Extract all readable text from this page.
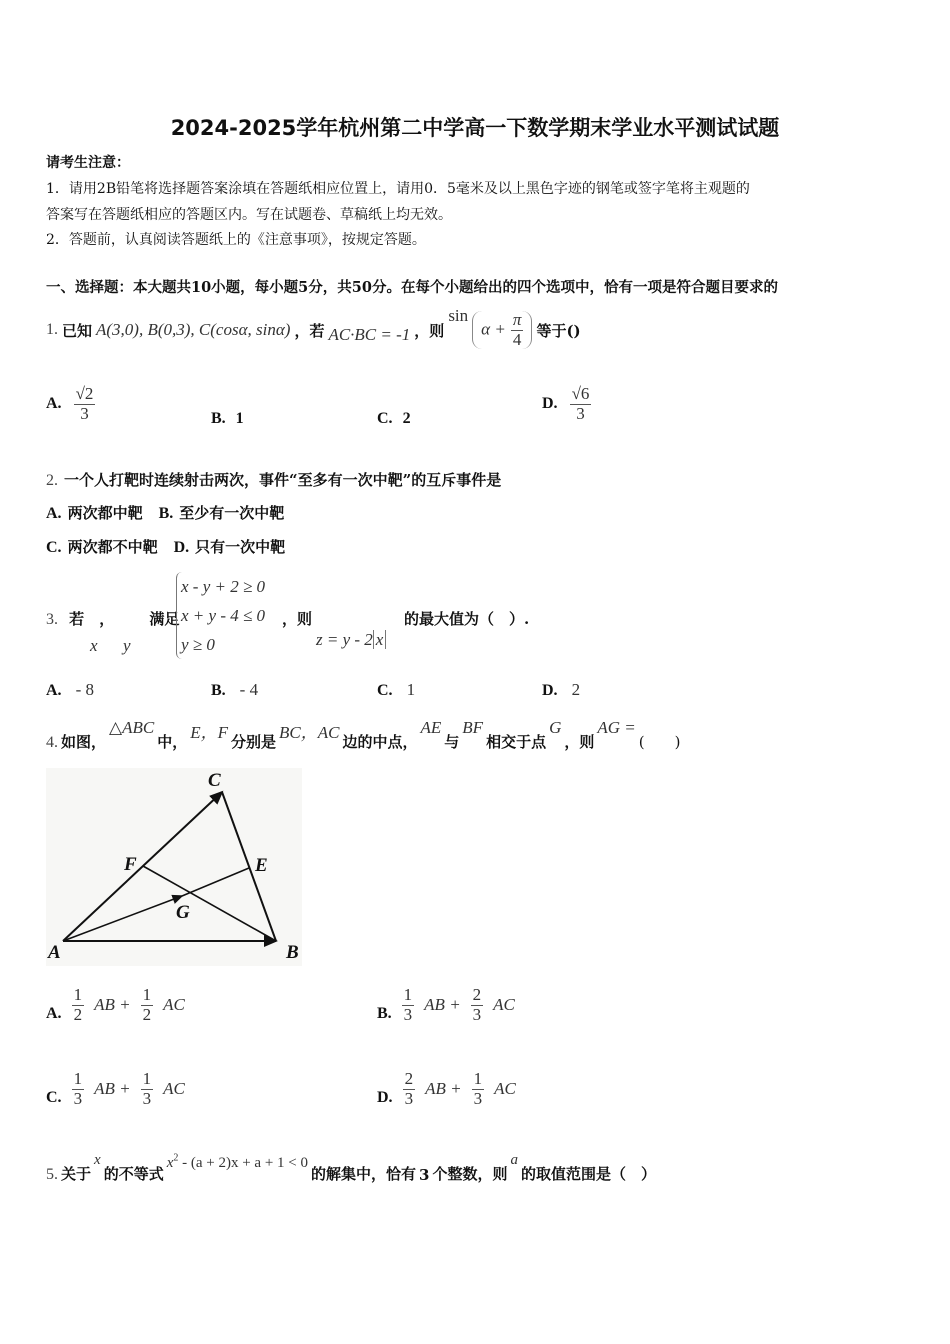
2024-2025学年杭州第二中学高一下数学期末学业水平测试试题
请考生注意：
1．请用2B铅笔将选择题答案涂填在答题纸相应位置上，请用0．5毫米及以上黑色字迹的钢笔或签字笔将主观题的
答案写在答题纸相应的答题区内。写在试题卷、草稿纸上均无效。
2．答题前，认真阅读答题纸上的《注意事项》，按规定答题。
一、选择题：本大题共10小题，每小题5分，共50分。在每个小题给出的四个选项中，恰有一项是符合题目要求的
1. 已知 A(3,0), B(0,3), C(cosα, sinα) ，若 AC·BC = -1 ，则
sin
$\alpha + \frac{\pi}{4}$ 等于()
A. $\frac{√2}{3}$	B. 1	C. 2
D. $\frac{√6}{3}$
2. 一个人打靶时连续射击两次，事件“至多有一次中靶”的互斥事件是
A. 两次都中靶 B. 至少有一次中靶
C. 两次都不中靶 D. 只有一次中靶
3. 若 ， 满足
x y
x - y + 2 ≥ 0
x + y - 4 ≤ 0
y ≥ 0
，则
z = y - 2 x
的最大值为（　）.
A. - 8	B. - 4	C. 1	D. 2
4. 如图，
△ABC
中， E，F 分别是 BC，AC 边的中点，
AE
与
BF
相交于点
G
，则
AG =
(　　)
C
F	E
G
A	B
A. $\frac{1}{2}$ AB + $\frac{1}{2}$ AC	B. $\frac{1}{3}$ AB + $\frac{2}{3}$ AC
C. $\frac{1}{3}$ AB + $\frac{1}{3}$ AC	D. $\frac{2}{3}$ AB + $\frac{1}{3}$ AC
5. 关于
x
的不等式
$x^2 - (a + 2)x + a + 1 < 0$
的解集中，恰有 3 个整数，则
a
的取值范围是（　）
